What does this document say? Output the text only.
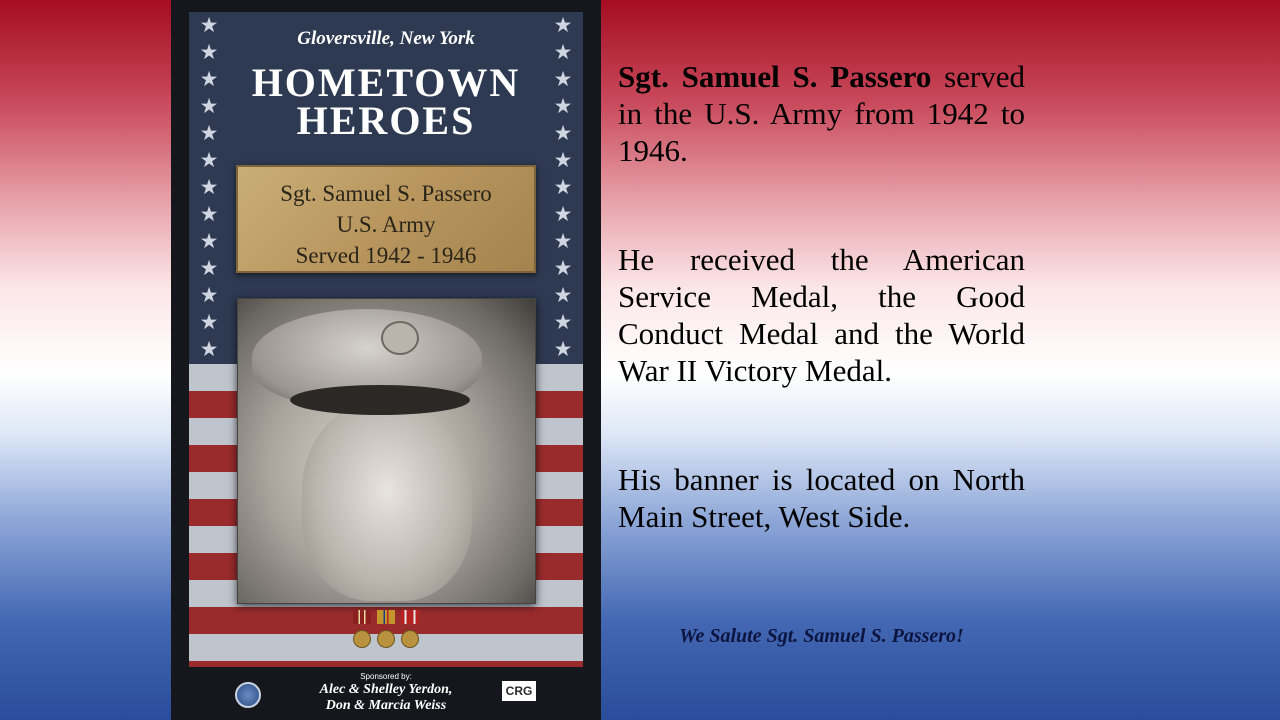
★
★
★
★
★
★
★
★
★
★
★
★
★
★
★
★
★
★
★
★
★
★
★
★
★
★
Gloversville, New York
HOMETOWN
HEROES
Sgt. Samuel S. Passero
U.S. Army
Served 1942 - 1946
Sponsored by:
Alec & Shelley Yerdon,
Don & Marcia Weiss
CRG
Sgt. Samuel S. Passero served in the U.S. Army from 1942 to 1946.
He received the American Service Medal, the Good Conduct Medal and the World War II Victory Medal.
His banner is located on North Main Street, West Side.
We Salute Sgt. Samuel S. Passero!
